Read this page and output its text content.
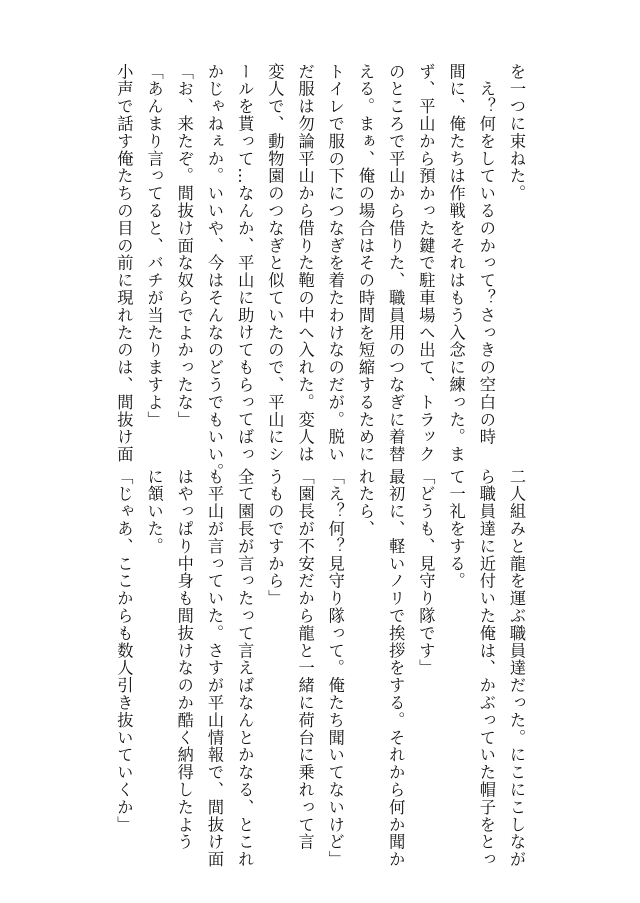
を一つに束ねた。

　え？何をしているのかって？さっきの空白の時

間に、俺たちは作戦をそれはもう入念に練った。ま

ず、平山から預かった鍵で駐車場へ出て、トラック

のところで平山から借りた、職員用のつなぎに着替

える。まぁ、俺の場合はその時間を短縮するために

トイレで服の下につなぎを着たわけなのだが。脱い

だ服は勿論平山から借りた鞄の中へ入れた。変人は

変人で、動物園のつなぎと似ていたので、平山にシ

ールを貰って…なんか、平山に助けてもらってばっ

かじゃねぇか。いいや、今はそんなのどうでもいい。

「お、来たぞ。間抜け面な奴らでよかったな」

「あんまり言ってると、バチが当たりますよ」

小声で話す俺たちの目の前に現れたのは、間抜け面

二人組みと龍を運ぶ職員達だった。にこにこしなが

ら職員達に近付いた俺は、かぶっていた帽子をとっ

て一礼をする。

「どうも、見守り隊です」

最初に、軽いノリで挨拶をする。それから何か聞か

れたら、

「え？何？見守り隊って。俺たち聞いてないけど」

「園長が不安だから龍と一緒に荷台に乗れって言

うものですから」

全て園長が言ったって言えばなんとかなる、とこれ

も平山が言っていた。さすが平山情報で、間抜け面

はやっぱり中身も間抜けなのか酷く納得したよう

に頷いた。

「じゃあ、ここからも数人引き抜いていくか」
